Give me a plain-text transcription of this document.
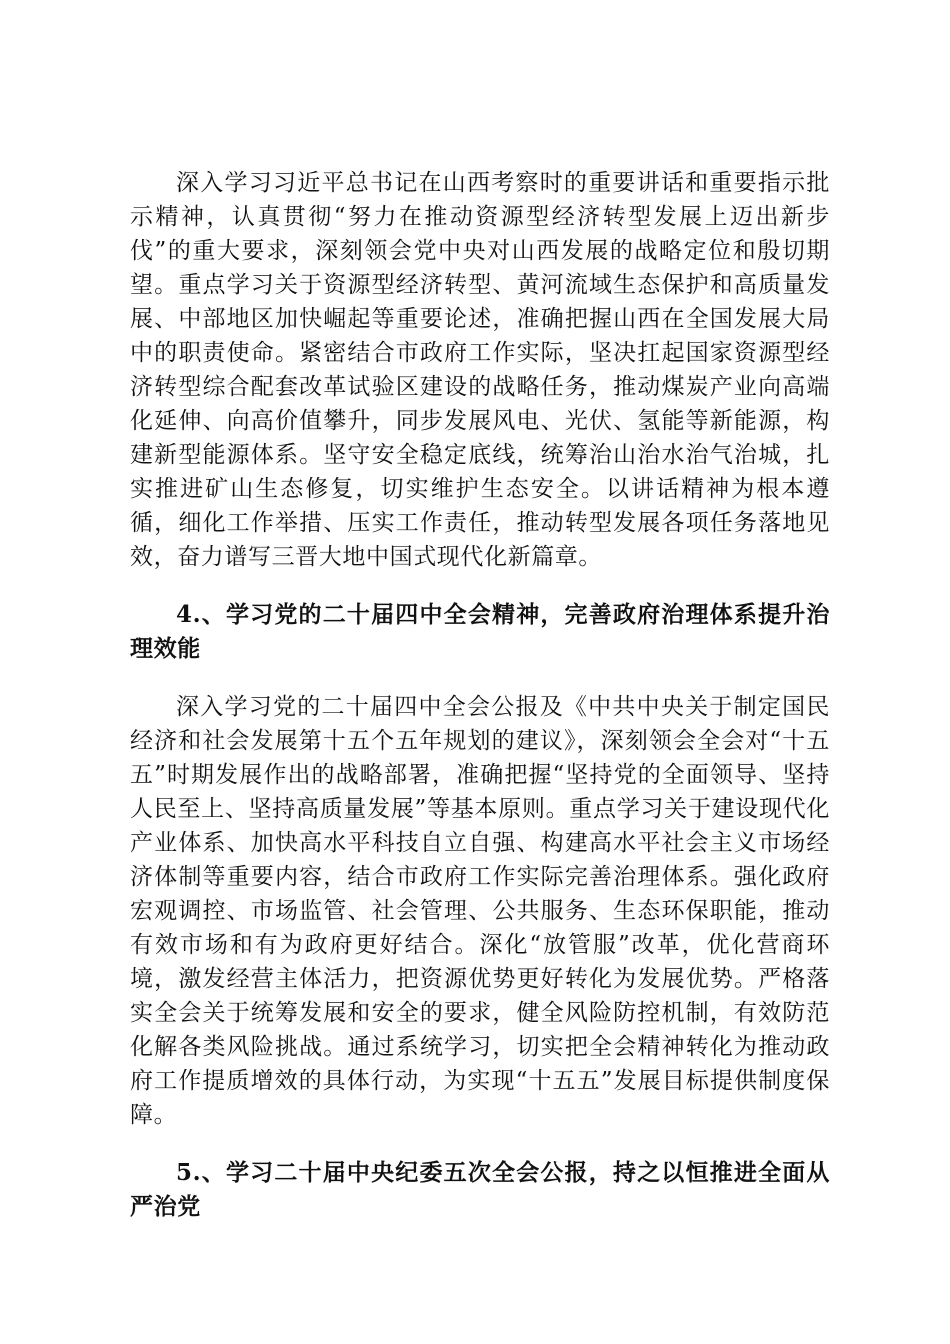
深入学习习近平总书记在山西考察时的重要讲话和重要指示批示精神，认真贯彻“努力在推动资源型经济转型发展上迈出新步伐”的重大要求，深刻领会党中央对山西发展的战略定位和殷切期望。重点学习关于资源型经济转型、黄河流域生态保护和高质量发展、中部地区加快崛起等重要论述，准确把握山西在全国发展大局中的职责使命。紧密结合市政府工作实际，坚决扛起国家资源型经济转型综合配套改革试验区建设的战略任务，推动煤炭产业向高端化延伸、向高价值攀升，同步发展风电、光伏、氢能等新能源，构建新型能源体系。坚守安全稳定底线，统筹治山治水治气治城，扎实推进矿山生态修复，切实维护生态安全。以讲话精神为根本遵循，细化工作举措、压实工作责任，推动转型发展各项任务落地见效，奋力谱写三晋大地中国式现代化新篇章。

4.、学习党的二十届四中全会精神，完善政府治理体系提升治理效能

深入学习党的二十届四中全会公报及《中共中央关于制定国民经济和社会发展第十五个五年规划的建议》，深刻领会全会对“十五五”时期发展作出的战略部署，准确把握“坚持党的全面领导、坚持人民至上、坚持高质量发展”等基本原则。重点学习关于建设现代化产业体系、加快高水平科技自立自强、构建高水平社会主义市场经济体制等重要内容，结合市政府工作实际完善治理体系。强化政府宏观调控、市场监管、社会管理、公共服务、生态环保职能，推动有效市场和有为政府更好结合。深化“放管服”改革，优化营商环境，激发经营主体活力，把资源优势更好转化为发展优势。严格落实全会关于统筹发展和安全的要求，健全风险防控机制，有效防范化解各类风险挑战。通过系统学习，切实把全会精神转化为推动政府工作提质增效的具体行动，为实现“十五五”发展目标提供制度保障。

5.、学习二十届中央纪委五次全会公报，持之以恒推进全面从严治党
